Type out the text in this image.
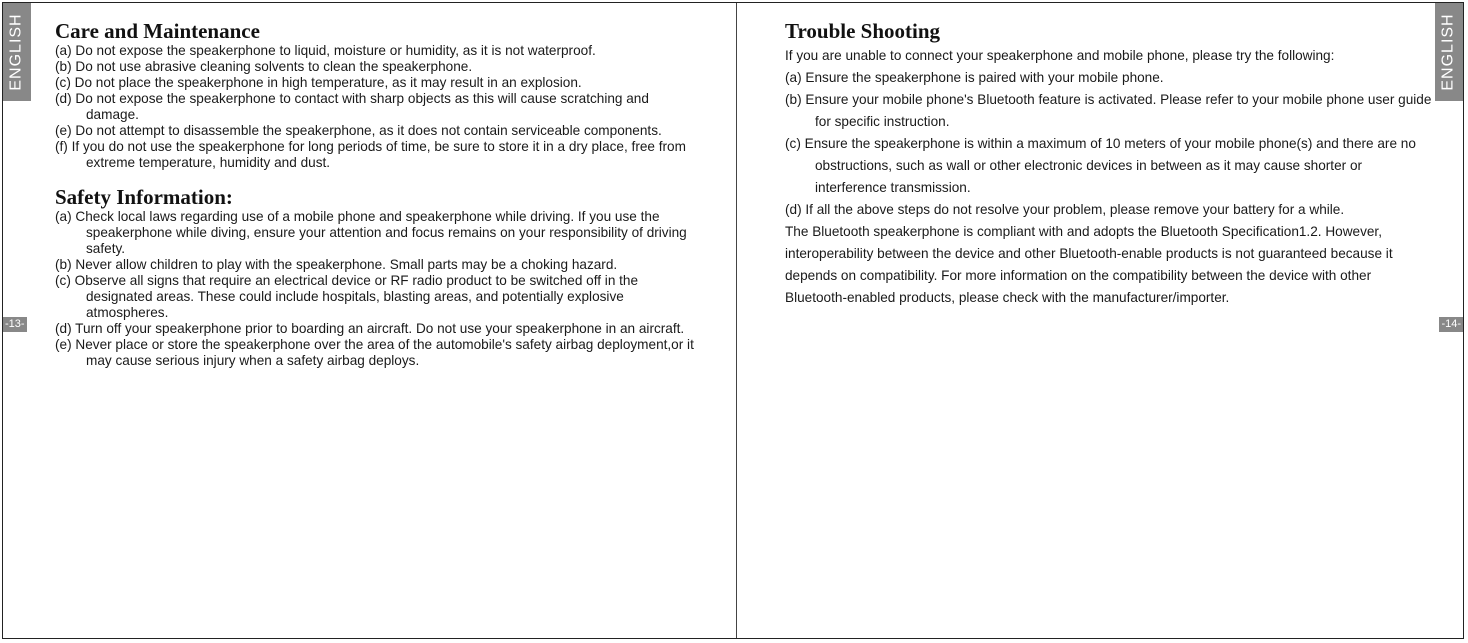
ENGLISH
-13-
Care and Maintenance
(a) Do not expose the speakerphone to liquid, moisture or humidity, as it is not waterproof.
(b) Do not use abrasive cleaning solvents to clean the speakerphone.
(c) Do not place the speakerphone in high temperature, as it may result in an explosion.
(d) Do not expose the speakerphone to contact with sharp objects as this will cause scratching and damage.
(e) Do not attempt to disassemble the speakerphone, as it does not contain serviceable components.
(f) If you do not use the speakerphone for long periods of time, be sure to store it in a dry place, free from extreme temperature, humidity and dust.
Safety Information:
(a) Check local laws regarding use of a mobile phone and speakerphone while driving. If you use the speakerphone while diving, ensure your attention and focus remains on your responsibility of driving safety.
(b) Never allow children to play with the speakerphone. Small parts may be a choking hazard.
(c) Observe all signs that require an electrical device or RF radio product to be switched off in the designated areas. These could include hospitals, blasting areas, and potentially explosive atmospheres.
(d) Turn off your speakerphone prior to boarding an aircraft. Do not use your speakerphone in an aircraft.
(e) Never place or store the speakerphone over the area of the automobile's safety airbag deployment,or it may cause serious injury when a safety airbag deploys.
ENGLISH
-14-
Trouble Shooting

If you are unable to connect your speakerphone and mobile phone, please try the following:

(a) Ensure the speakerphone is paired with your mobile phone.
(b) Ensure your mobile phone's Bluetooth feature is activated. Please refer to your mobile phone user guide for specific instruction.
(c) Ensure the speakerphone is within a maximum of 10 meters of your mobile phone(s) and there are no obstructions, such as wall or other electronic devices in between as it may cause shorter or interference transmission.
(d) If all the above steps do not resolve your problem, please remove your battery for a while.

The Bluetooth speakerphone is compliant with and adopts the Bluetooth Specification1.2. However, interoperability between the device and other Bluetooth-enable products is not guaranteed because it depends on compatibility. For more information on the compatibility between the device with other Bluetooth-enabled products, please check with the manufacturer/importer.
